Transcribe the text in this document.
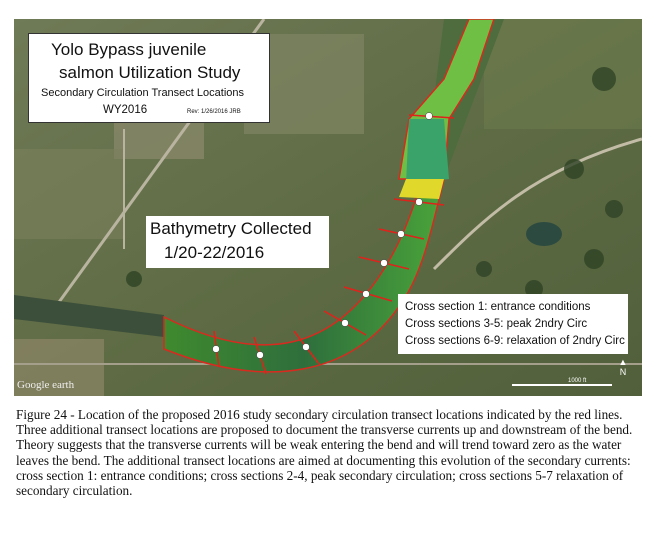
Yolo Bypass juvenile
salmon Utilization Study
Secondary Circulation Transect Locations
WY2016	Rev: 1/26/2016 JRB
Bathymetry Collected
1/20-22/2016
Cross section 1: entrance conditions
Cross sections 3-5: peak 2ndry Circ
Cross sections 6-9: relaxation of 2ndry Circ
Google earth	1000 ft
▲
N

Figure 24 - Location of the proposed 2016 study secondary circulation transect locations indicated by the red lines. Three additional transect locations are proposed to document the transverse currents up and downstream of the bend. Theory suggests that the transverse currents will be weak entering the bend and will trend toward zero as the water leaves the bend. The additional transect locations are aimed at documenting this evolution of the secondary currents: cross section 1: entrance conditions; cross sections 2-4, peak secondary circulation; cross sections 5-7 relaxation of secondary circulation.
